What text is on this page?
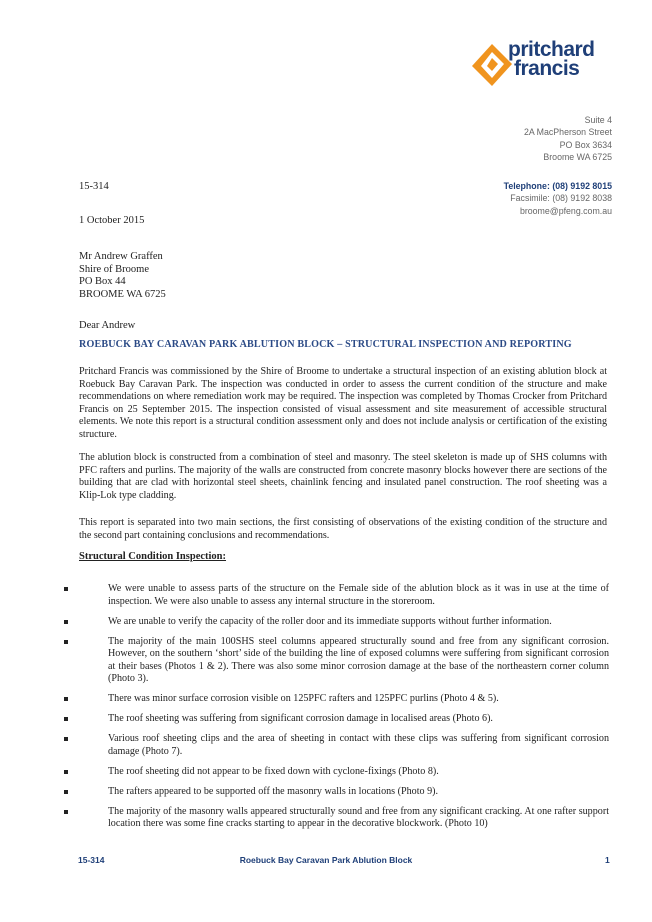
pritchard
francis
Suite 4
2A MacPherson Street
PO Box 3634
Broome WA 6725
Telephone: (08) 9192 8015
Facsimile: (08) 9192 8038
broome@pfeng.com.au
15-314
1 October 2015
Mr Andrew Graffen
Shire of Broome
PO Box 44
BROOME WA 6725
Dear Andrew
ROEBUCK BAY CARAVAN PARK ABLUTION BLOCK – STRUCTURAL INSPECTION AND REPORTING
Pritchard Francis was commissioned by the Shire of Broome to undertake a structural inspection of an existing ablution block at Roebuck Bay Caravan Park. The inspection was conducted in order to assess the current condition of the structure and make recommendations on where remediation work may be required. The inspection was completed by Thomas Crocker from Pritchard Francis on 25 September 2015. The inspection consisted of visual assessment and site measurement of accessible structural elements. We note this report is a structural condition assessment only and does not include analysis or certification of the existing structure.
The ablution block is constructed from a combination of steel and masonry. The steel skeleton is made up of SHS columns with PFC rafters and purlins. The majority of the walls are constructed from concrete masonry blocks however there are sections of the building that are clad with horizontal steel sheets, chainlink fencing and insulated panel construction. The roof sheeting was a Klip-Lok type cladding.
This report is separated into two main sections, the first consisting of observations of the existing condition of the structure and the second part containing conclusions and recommendations.
Structural Condition Inspection:
We were unable to assess parts of the structure on the Female side of the ablution block as it was in use at the time of inspection. We were also unable to assess any internal structure in the storeroom.
We are unable to verify the capacity of the roller door and its immediate supports without further information.
The majority of the main 100SHS steel columns appeared structurally sound and free from any significant corrosion. However, on the southern ‘short’ side of the building the line of exposed columns were suffering from significant corrosion at their bases (Photos 1 & 2). There was also some minor corrosion damage at the base of the northeastern corner column (Photo 3).
There was minor surface corrosion visible on 125PFC rafters and 125PFC purlins (Photo 4 & 5).
The roof sheeting was suffering from significant corrosion damage in localised areas (Photo 6).
Various roof sheeting clips and the area of sheeting in contact with these clips was suffering from significant corrosion damage (Photo 7).
The roof sheeting did not appear to be fixed down with cyclone-fixings (Photo 8).
The rafters appeared to be supported off the masonry walls in locations (Photo 9).
The majority of the masonry walls appeared structurally sound and free from any significant cracking. At one rafter support location there was some fine cracks starting to appear in the decorative blockwork. (Photo 10)
15-314	Roebuck Bay Caravan Park Ablution Block	1
